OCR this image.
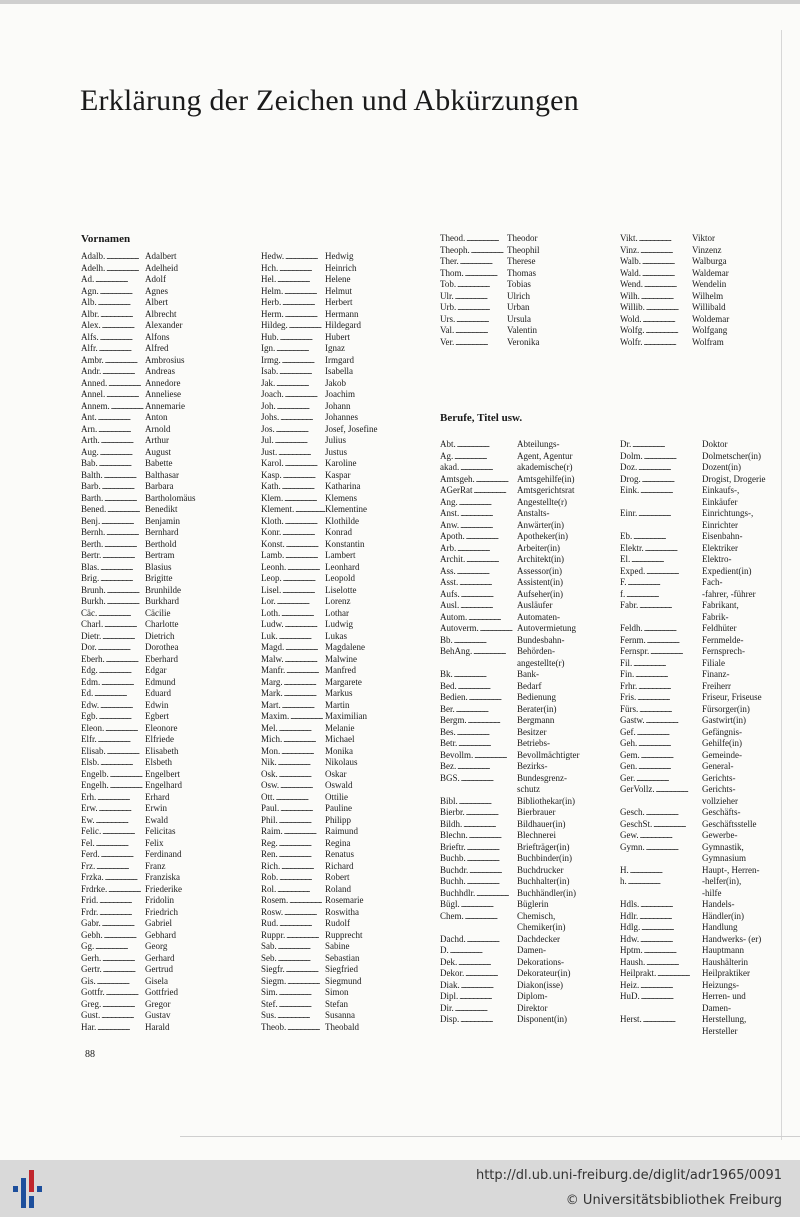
Erklärung der Zeichen und Abkürzungen
Vornamen
Berufe, Titel usw.
Adalb. . . .	Adalbert
Adelh. . . .	Adelheid
Ad. . . .	Adolf
Agn. . . .	Agnes
Alb. . . .	Albert
Albr. . . .	Albrecht
Alex. . . .	Alexander
Alfs. . . .	Alfons
Alfr. . . .	Alfred
Ambr. . . .	Ambrosius
Andr. . . .	Andreas
Anned. . . .	Annedore
Annel. . . .	Anneliese
Annem. . . .	Annemarie
Ant. . . .	Anton
Arn. . . .	Arnold
Arth. . . .	Arthur
Aug. . . .	August
Bab. . . .	Babette
Balth. . . .	Balthasar
Barb. . . .	Barbara
Barth. . . .	Bartholomäus
Bened. . . .	Benedikt
Benj. . . .	Benjamin
Bernh. . . .	Bernhard
Berth. . . .	Berthold
Bertr. . . .	Bertram
Blas. . . .	Blasius
Brig. . . .	Brigitte
Brunh. . . .	Brunhilde
Burkh. . . .	Burkhard
Cäc. . . .	Cäcilie
Charl. . . .	Charlotte
Dietr. . . .	Dietrich
Dor. . . .	Dorothea
Eberh. . . .	Eberhard
Edg. . . .	Edgar
Edm. . . .	Edmund
Ed. . . .	Eduard
Edw. . . .	Edwin
Egb. . . .	Egbert
Eleon. . . .	Eleonore
Elfr. . . .	Elfriede
Elisab. . . .	Elisabeth
Elsb. . . .	Elsbeth
Engelb. . . .	Engelbert
Engelh. . . .	Engelhard
Erh. . . .	Erhard
Erw. . . .	Erwin
Ew. . . .	Ewald
Felic. . . .	Felicitas
Fel. . . .	Felix
Ferd. . . .	Ferdinand
Frz. . . .	Franz
Frzka. . . .	Franziska
Frdrke. . . .	Friederike
Frid. . . .	Fridolin
Frdr. . . .	Friedrich
Gabr. . . .	Gabriel
Gebh. . . .	Gebhard
Gg. . . .	Georg
Gerh. . . .	Gerhard
Gertr. . . .	Gertrud
Gis. . . .	Gisela
Gottfr. . . .	Gottfried
Greg. . . .	Gregor
Gust. . . .	Gustav
Har. . . .	Harald
Hedw. . . .	Hedwig
Hch. . . .	Heinrich
Hel. . . .	Helene
Helm. . . .	Helmut
Herb. . . .	Herbert
Herm. . . .	Hermann
Hildeg. . . .	Hildegard
Hub. . . .	Hubert
Ign. . . .	Ignaz
Irmg. . . .	Irmgard
Isab. . . .	Isabella
Jak. . . .	Jakob
Joach. . . .	Joachim
Joh. . . .	Johann
Johs. . . .	Johannes
Jos. . . .	Josef, Josefine
Jul. . . .	Julius
Just. . . .	Justus
Karol. . . .	Karoline
Kasp. . . .	Kaspar
Kath. . . .	Katharina
Klem. . . .	Klemens
Klement. . . .	Klementine
Kloth. . . .	Klothilde
Konr. . . .	Konrad
Konst. . . .	Konstantin
Lamb. . . .	Lambert
Leonh. . . .	Leonhard
Leop. . . .	Leopold
Lisel. . . .	Liselotte
Lor. . . .	Lorenz
Loth. . . .	Lothar
Ludw. . . .	Ludwig
Luk. . . .	Lukas
Magd. . . .	Magdalene
Malw. . . .	Malwine
Manfr. . . .	Manfred
Marg. . . .	Margarete
Mark. . . .	Markus
Mart. . . .	Martin
Maxim. . . .	Maximilian
Mel. . . .	Melanie
Mich. . . .	Michael
Mon. . . .	Monika
Nik. . . .	Nikolaus
Osk. . . .	Oskar
Osw. . . .	Oswald
Ott. . . .	Ottilie
Paul. . . .	Pauline
Phil. . . .	Philipp
Raim. . . .	Raimund
Reg. . . .	Regina
Ren. . . .	Renatus
Rich. . . .	Richard
Rob. . . .	Robert
Rol. . . .	Roland
Rosem. . . .	Rosemarie
Rosw. . . .	Roswitha
Rud. . . .	Rudolf
Ruppr. . . .	Rupprecht
Sab. . . .	Sabine
Seb. . . .	Sebastian
Siegfr. . . .	Siegfried
Siegm. . . .	Siegmund
Sim. . . .	Simon
Stef. . . .	Stefan
Sus. . . .	Susanna
Theob. . . .	Theobald
Theod. . . .	Theodor
Theoph. . . .	Theophil
Ther. . . .	Therese
Thom. . . .	Thomas
Tob. . . .	Tobias
Ulr. . . .	Ulrich
Urb. . . .	Urban
Urs. . . .	Ursula
Val. . . .	Valentin
Ver. . . .	Veronika
Vikt. . . .	Viktor
Vinz. . . .	Vinzenz
Walb. . . .	Walburga
Wald. . . .	Waldemar
Wend. . . .	Wendelin
Wilh. . . .	Wilhelm
Willib. . . .	Willibald
Wold. . . .	Woldemar
Wolfg. . . .	Wolfgang
Wolfr. . . .	Wolfram
Abt. . . .	Abteilungs-
Ag. . . .	Agent, Agentur
akad. . . .	akademische(r)
Amtsgeh. . . .	Amtsgehilfe(in)
AGerRat . . .	Amtsgerichtsrat
Ang. . . .	Angestellte(r)
Anst. . . .	Anstalts-
Anw. . . .	Anwärter(in)
Apoth. . . .	Apotheker(in)
Arb. . . .	Arbeiter(in)
Archit. . . .	Architekt(in)
Ass. . . .	Assessor(in)
Asst. . . .	Assistent(in)
Aufs. . . .	Aufseher(in)
Ausl. . . .	Ausläufer
Autom. . . .	Automaten-
Autoverm. . . .	Autovermietung
Bb. . . .	Bundesbahn-
BehAng. . . .	Behörden-
angestellte(r)
Bk. . . .	Bank-
Bed. . . .	Bedarf
Bedien. . . .	Bedienung
Ber. . . .	Berater(in)
Bergm. . . .	Bergmann
Bes. . . .	Besitzer
Betr. . . .	Betriebs-
Bevollm. . . .	Bevollmächtigter
Bez. . . .	Bezirks-
BGS. . . .	Bundesgrenz-
schutz
Bibl. . . .	Bibliothekar(in)
Bierbr. . . .	Bierbrauer
Bildh. . . .	Bildhauer(in)
Blechn. . . .	Blechnerei
Brieftr. . . .	Briefträger(in)
Buchb. . . .	Buchbinder(in)
Buchdr. . . .	Buchdrucker
Buchh. . . .	Buchhalter(in)
Buchhdlr. . . .	Buchhändler(in)
Bügl. . . .	Büglerin
Chem. . . .	Chemisch,
Chemiker(in)
Dachd. . . .	Dachdecker
D. . . .	Damen-
Dek. . . .	Dekorations-
Dekor. . . .	Dekorateur(in)
Diak. . . .	Diakon(isse)
Dipl. . . .	Diplom-
Dir. . . .	Direktor
Disp. . . .	Disponent(in)
Dr. . . .	Doktor
Dolm. . . .	Dolmetscher(in)
Doz. . . .	Dozent(in)
Drog. . . .	Drogist, Drogerie
Eink. . . .	Einkaufs-,
Einkäufer
Einr. . . .	Einrichtungs-,
Einrichter
Eb. . . .	Eisenbahn-
Elektr. . . .	Elektriker
El. . . .	Elektro-
Exped. . . .	Expedient(in)
F. . . .	Fach-
f. . . .	-fahrer, -führer
Fabr. . . .	Fabrikant,
Fabrik-
Feldh. . . .	Feldhüter
Fernm. . . .	Fernmelde-
Fernspr. . . .	Fernsprech-
Fil. . . .	Filiale
Fin. . . .	Finanz-
Frhr. . . .	Freiherr
Fris. . . .	Friseur, Friseuse
Fürs. . . .	Fürsorger(in)
Gastw. . . .	Gastwirt(in)
Gef. . . .	Gefängnis-
Geh. . . .	Gehilfe(in)
Gem. . . .	Gemeinde-
Gen. . . .	General-
Ger. . . .	Gerichts-
GerVollz. . . .	Gerichts-
vollzieher
Gesch. . . .	Geschäfts-
GeschSt. . . .	Geschäftsstelle
Gew. . . .	Gewerbe-
Gymn. . . .	Gymnastik,
Gymnasium
H. . . .	Haupt-, Herren-
h. . . .	-helfer(in),
-hilfe
Hdls. . . .	Handels-
Hdlr. . . .	Händler(in)
Hdlg. . . .	Handlung
Hdw. . . .	Handwerks- (er)
Hptm. . . .	Hauptmann
Haush. . . .	Haushälterin
Heilprakt. . . .	Heilpraktiker
Heiz. . . .	Heizungs-
HuD. . . .	Herren- und
Damen-
Herst. . . .	Herstellung,
Hersteller
88
http://dl.ub.uni-freiburg.de/diglit/adr1965/0091
© Universitätsbibliothek Freiburg
